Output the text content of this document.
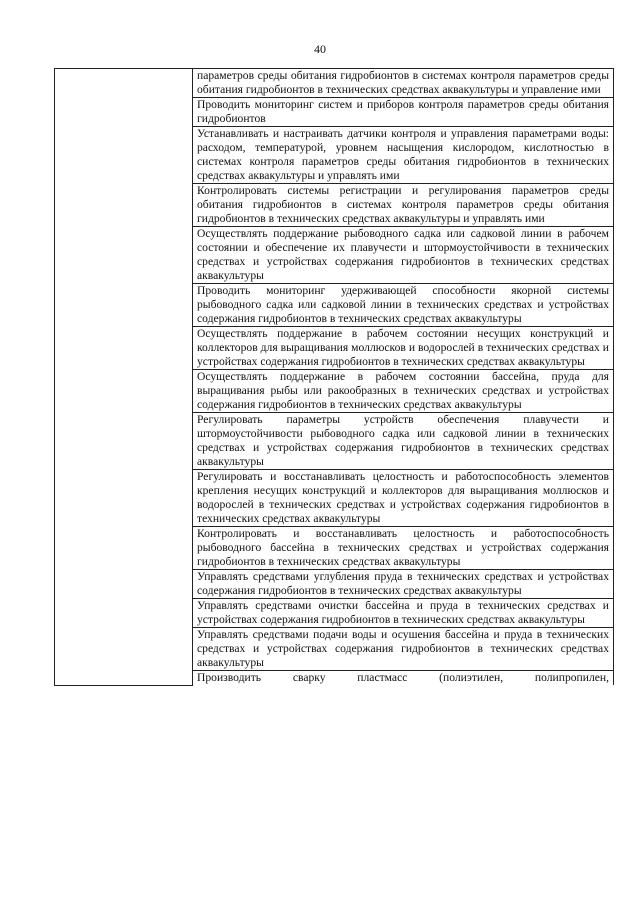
40
	параметров среды обитания гидробионтов в системах контроля параметров среды обитания гидробионтов в технических средствах аквакультуры и управление ими
Проводить мониторинг систем и приборов контроля параметров среды обитания гидробионтов
Устанавливать и настраивать датчики контроля и управления параметрами воды: расходом, температурой, уровнем насыщения кислородом, кислотностью в системах контроля параметров среды обитания гидробионтов в технических средствах аквакультуры и управлять ими
Контролировать системы регистрации и регулирования параметров среды обитания гидробионтов в системах контроля параметров среды обитания гидробионтов в технических средствах аквакультуры и управлять ими
Осуществлять поддержание рыбоводного садка или садковой линии в рабочем состоянии и обеспечение их плавучести и штормоустойчивости в технических средствах и устройствах содержания гидробионтов в технических средствах аквакультуры
Проводить мониторинг удерживающей способности якорной системы рыбоводного садка или садковой линии в технических средствах и устройствах содержания гидробионтов в технических средствах аквакультуры
Осуществлять поддержание в рабочем состоянии несущих конструкций и коллекторов для выращивания моллюсков и водорослей в технических средствах и устройствах содержания гидробионтов в технических средствах аквакультуры
Осуществлять поддержание в рабочем состоянии бассейна, пруда для выращивания рыбы или ракообразных в технических средствах и устройствах содержания гидробионтов в технических средствах аквакультуры
Регулировать параметры устройств обеспечения плавучести и штормоустойчивости рыбоводного садка или садковой линии в технических средствах и устройствах содержания гидробионтов в технических средствах аквакультуры
Регулировать и восстанавливать целостность и работоспособность элементов крепления несущих конструкций и коллекторов для выращивания моллюсков и водорослей в технических средствах и устройствах содержания гидробионтов в технических средствах аквакультуры
Контролировать и восстанавливать целостность и работоспособность рыбоводного бассейна в технических средствах и устройствах содержания гидробионтов в технических средствах аквакультуры
Управлять средствами углубления пруда в технических средствах и устройствах содержания гидробионтов в технических средствах аквакультуры
Управлять средствами очистки бассейна и пруда в технических средствах и устройствах содержания гидробионтов в технических средствах аквакультуры
Управлять средствами подачи воды и осушения бассейна и пруда в технических средствах и устройствах содержания гидробионтов в технических средствах аквакультуры
Производить сварку пластмасс (полиэтилен, полипропилен,
